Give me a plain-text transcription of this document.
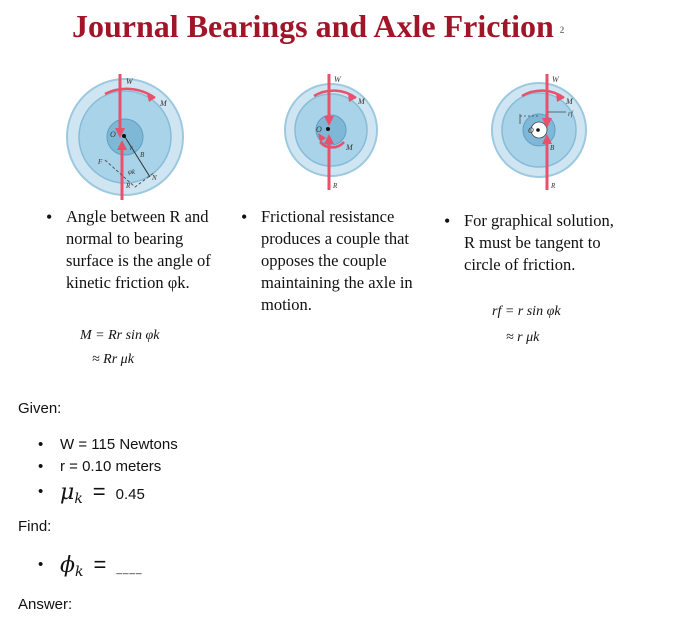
Journal Bearings and Axle Friction 2
W
M
O
r
B
F
φk
R
N
W
M
O
M
R
W
M
rf
O
B
R
• Angle between R and normal to bearing surface is the angle of kinetic friction φk.

• Frictional resistance produces a couple that opposes the couple maintaining the axle in motion.

• For graphical solution, R must be tangent to circle of friction.

M = Rr sin φk
≈ Rr μk
rf = r sin φk
≈ r μk
Given:
• W = 115 Newtons
• r = 0.10 meters
• μk = 0.45
Find:
• ϕk = ____
Answer:
